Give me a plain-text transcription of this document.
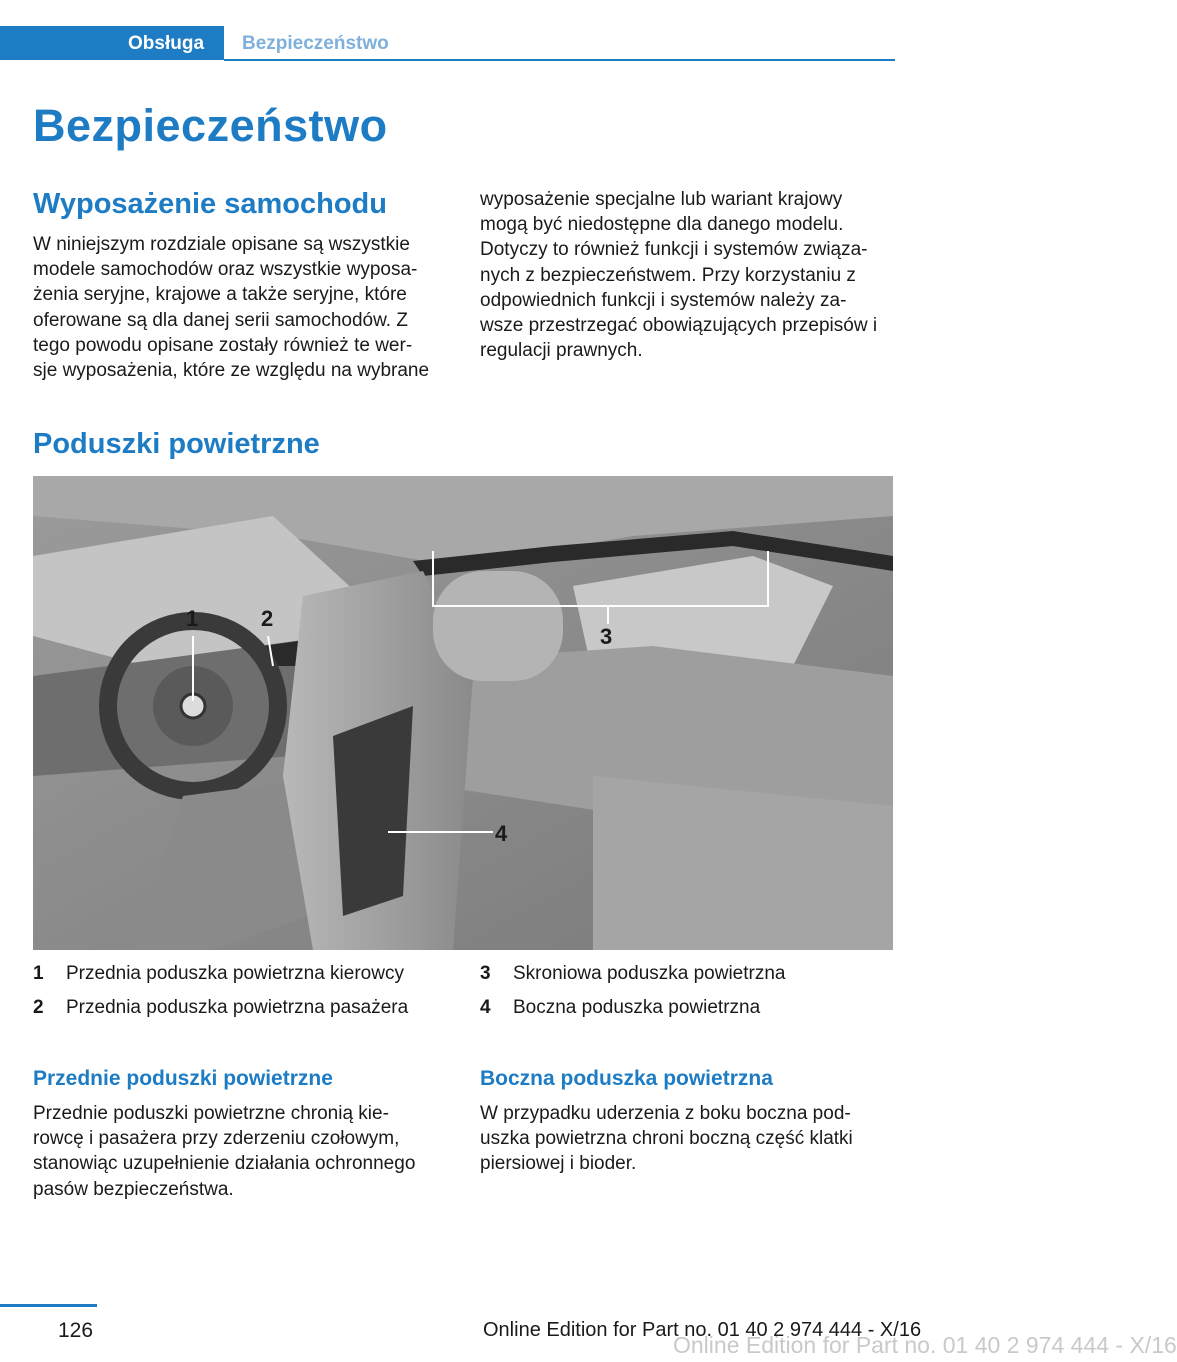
Obsługa Bezpieczeństwo
Bezpieczeństwo
Wyposażenie samochodu
W niniejszym rozdziale opisane są wszystkie
modele samochodów oraz wszystkie wyposa‐
żenia seryjne, krajowe a także seryjne, które
oferowane są dla danej serii samochodów. Z
tego powodu opisane zostały również te wer‐
sje wyposażenia, które ze względu na wybrane
wyposażenie specjalne lub wariant krajowy
mogą być niedostępne dla danego modelu.
Dotyczy to również funkcji i systemów związa‐
nych z bezpieczeństwem. Przy korzystaniu z
odpowiednich funkcji i systemów należy za‐
wsze przestrzegać obowiązujących przepisów i
regulacji prawnych.
Poduszki powietrzne
1	2
3
4
1 Przednia poduszka powietrzna kierowcy
2 Przednia poduszka powietrzna pasażera
3 Skroniowa poduszka powietrzna
4 Boczna poduszka powietrzna
Przednie poduszki powietrzne
Przednie poduszki powietrzne chronią kie‐
rowcę i pasażera przy zderzeniu czołowym,
stanowiąc uzupełnienie działania ochronnego
pasów bezpieczeństwa.
Boczna poduszka powietrzna
W przypadku uderzenia z boku boczna pod‐
uszka powietrzna chroni boczną część klatki
piersiowej i bioder.
126	Online Edition for Part no. 01 40 2 974 444 - X/16
Online Edition for Part no. 01 40 2 974 444 - X/16
